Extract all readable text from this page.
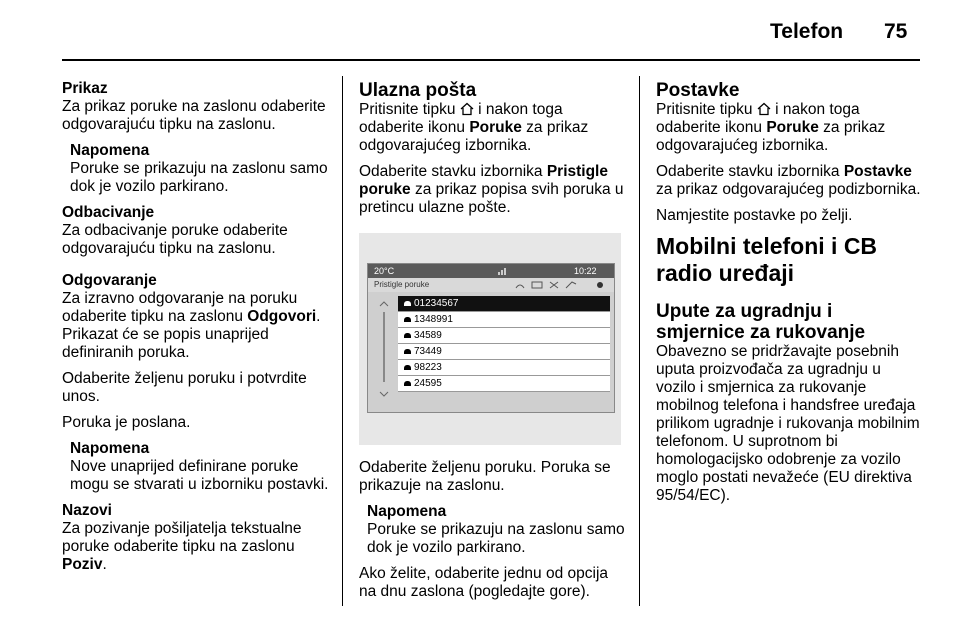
Telefon 75

Prikaz

Za prikaz poruke na zaslonu odaberite odgovarajuću tipku na zaslonu.

Napomena
Poruke se prikazuju na zaslonu samo dok je vozilo parkirano.

Odbacivanje

Za odbacivanje poruke odaberite odgovarajuću tipku na zaslonu.

Odgovaranje

Za izravno odgovaranje na poruku odaberite tipku na zaslonu Odgovori. Prikazat će se popis unaprijed definiranih poruka.

Odaberite željenu poruku i potvrdite unos.

Poruka je poslana.

Napomena
Nove unaprijed definirane poruke mogu se stvarati u izborniku postavki.

Nazovi

Za pozivanje pošiljatelja tekstualne poruke odaberite tipku na zaslonu Poziv.

Ulazna pošta

Pritisnite tipku  i nakon toga odaberite ikonu Poruke za prikaz odgovarajućeg izbornika.

Odaberite stavku izbornika Pristigle poruke za prikaz popisa svih poruka u pretincu ulazne pošte.

20°C	10:22
Pristigle poruke
01234567
1348991
34589
73449
98223
24595

Odaberite željenu poruku. Poruka se prikazuje na zaslonu.

Napomena
Poruke se prikazuju na zaslonu samo dok je vozilo parkirano.

Ako želite, odaberite jednu od opcija na dnu zaslona (pogledajte gore).

Postavke

Pritisnite tipku  i nakon toga odaberite ikonu Poruke za prikaz odgovarajućeg izbornika.

Odaberite stavku izbornika Postavke za prikaz odgovarajućeg podizbornika.

Namjestite postavke po želji.

Mobilni telefoni i CB radio uređaji

Upute za ugradnju i smjernice za rukovanje

Obavezno se pridržavajte posebnih uputa proizvođača za ugradnju u vozilo i smjernica za rukovanje mobilnog telefona i handsfree uređaja prilikom ugradnje i rukovanja mobilnim telefonom. U suprotnom bi homologacijsko odobrenje za vozilo moglo postati nevažeće (EU direktiva 95/54/EC).
